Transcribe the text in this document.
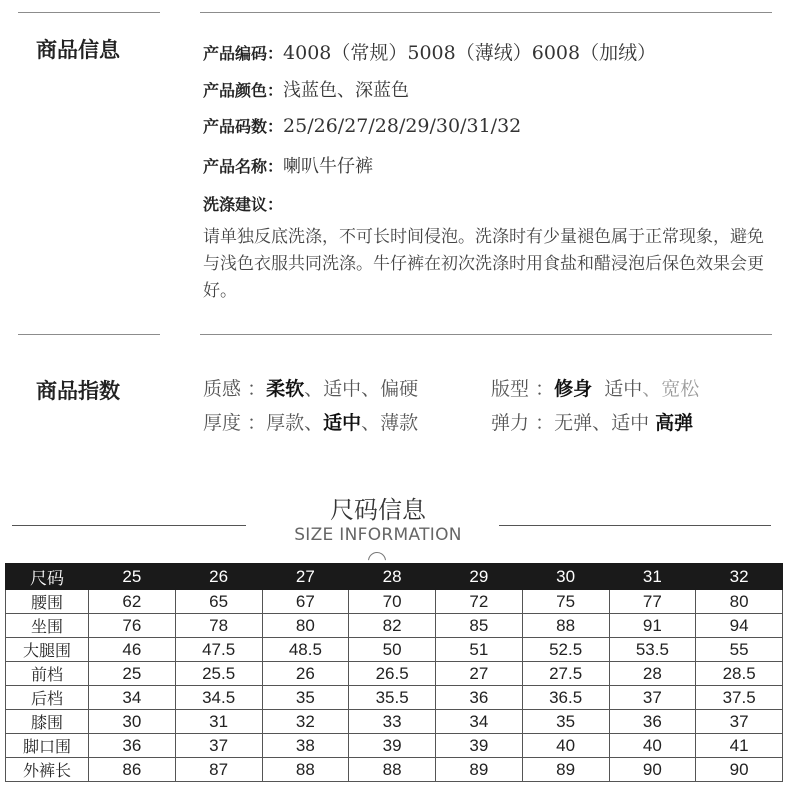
商品信息	产品编码：4008（常规）5008（薄绒）6008（加绒）
产品颜色：浅蓝色、深蓝色
产品码数：25/26/27/28/29/30/31/32
产品名称：喇叭牛仔裤
洗涤建议：
请单独反底洗涤，不可长时间侵泡。洗涤时有少量褪色属于正常现象，避免与浅色衣服共同洗涤。牛仔裤在初次洗涤时用食盐和醋浸泡后保色效果会更好。
商品指数	质感 ：柔软、适中、偏硬	版型 ：修身 适中、宽松
厚度 ：厚款、适中、薄款	弹力 ：无弹、适中 高弹
尺码信息
SIZE INFORMATION
尺码	25	26	27	28	29	30	31	32
腰围	62	65	67	70	72	75	77	80
坐围	76	78	80	82	85	88	91	94
大腿围	46	47.5	48.5	50	51	52.5	53.5	55
前档	25	25.5	26	26.5	27	27.5	28	28.5
后档	34	34.5	35	35.5	36	36.5	37	37.5
膝围	30	31	32	33	34	35	36	37
脚口围	36	37	38	39	39	40	40	41
外裤长	86	87	88	88	89	89	90	90
